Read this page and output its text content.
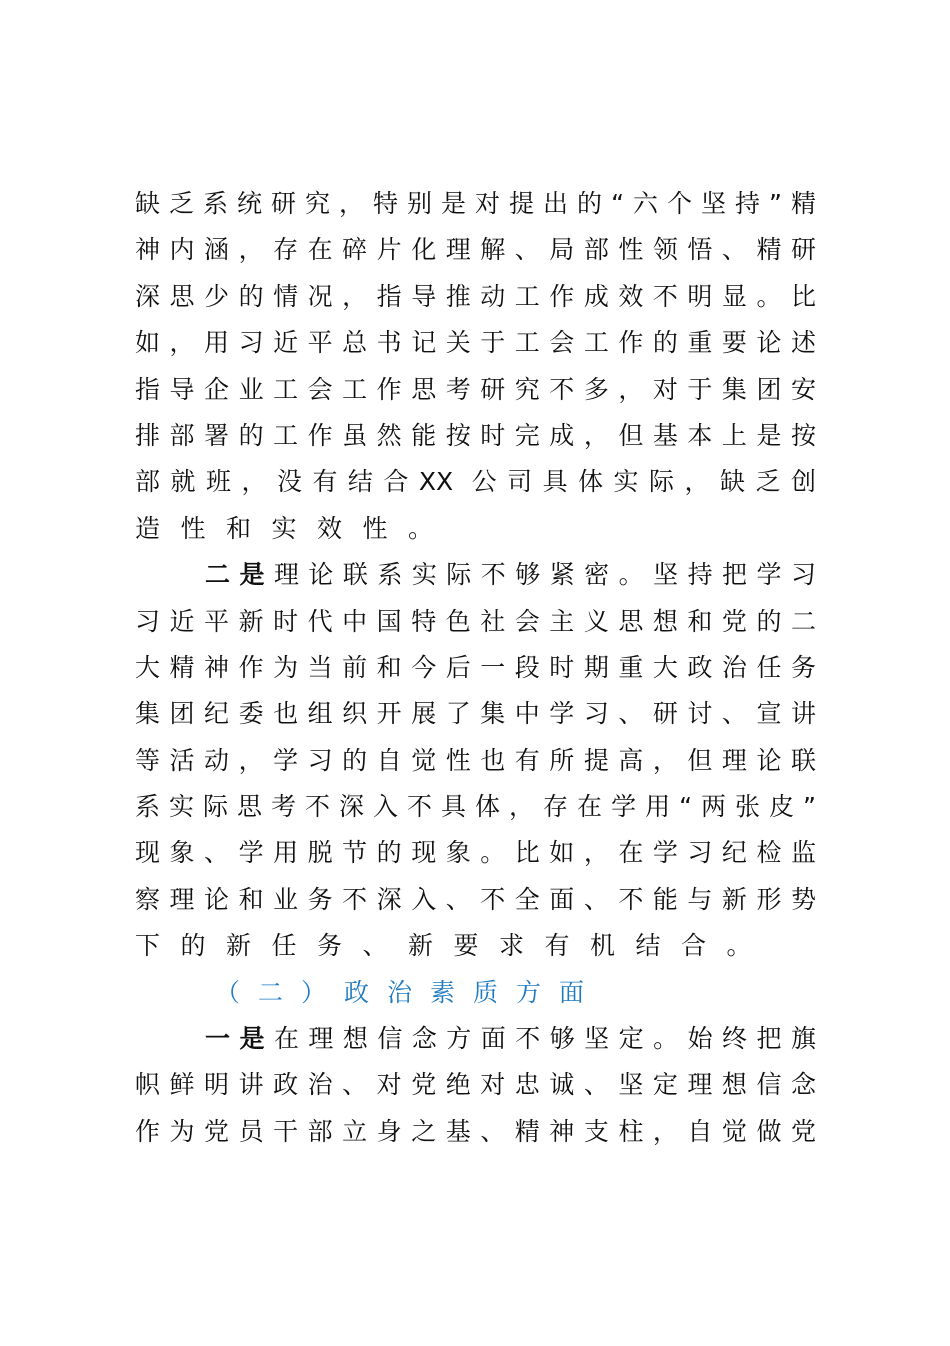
缺乏系统研究，特别是对提出的“六个坚持”精
神内涵，存在碎片化理解、局部性领悟、精研
深思少的情况，指导推动工作成效不明显。比
如，用习近平总书记关于工会工作的重要论述
指导企业工会工作思考研究不多，对于集团安
排部署的工作虽然能按时完成，但基本上是按
部就班，没有结合XX 公司具体实际，缺乏创
造性和实效性。
二是理论联系实际不够紧密。坚持把学习
习近平新时代中国特色社会主义思想和党的二
大精神作为当前和今后一段时期重大政治任务
集团纪委也组织开展了集中学习、研讨、宣讲
等活动，学习的自觉性也有所提高，但理论联
系实际思考不深入不具体，存在学用“两张皮”
现象、学用脱节的现象。比如，在学习纪检监
察理论和业务不深入、不全面、不能与新形势
下的新任务、新要求有机结合。
（二）政治素质方面
一是在理想信念方面不够坚定。始终把旗
帜鲜明讲政治、对党绝对忠诚、坚定理想信念
作为党员干部立身之基、精神支柱，自觉做党
